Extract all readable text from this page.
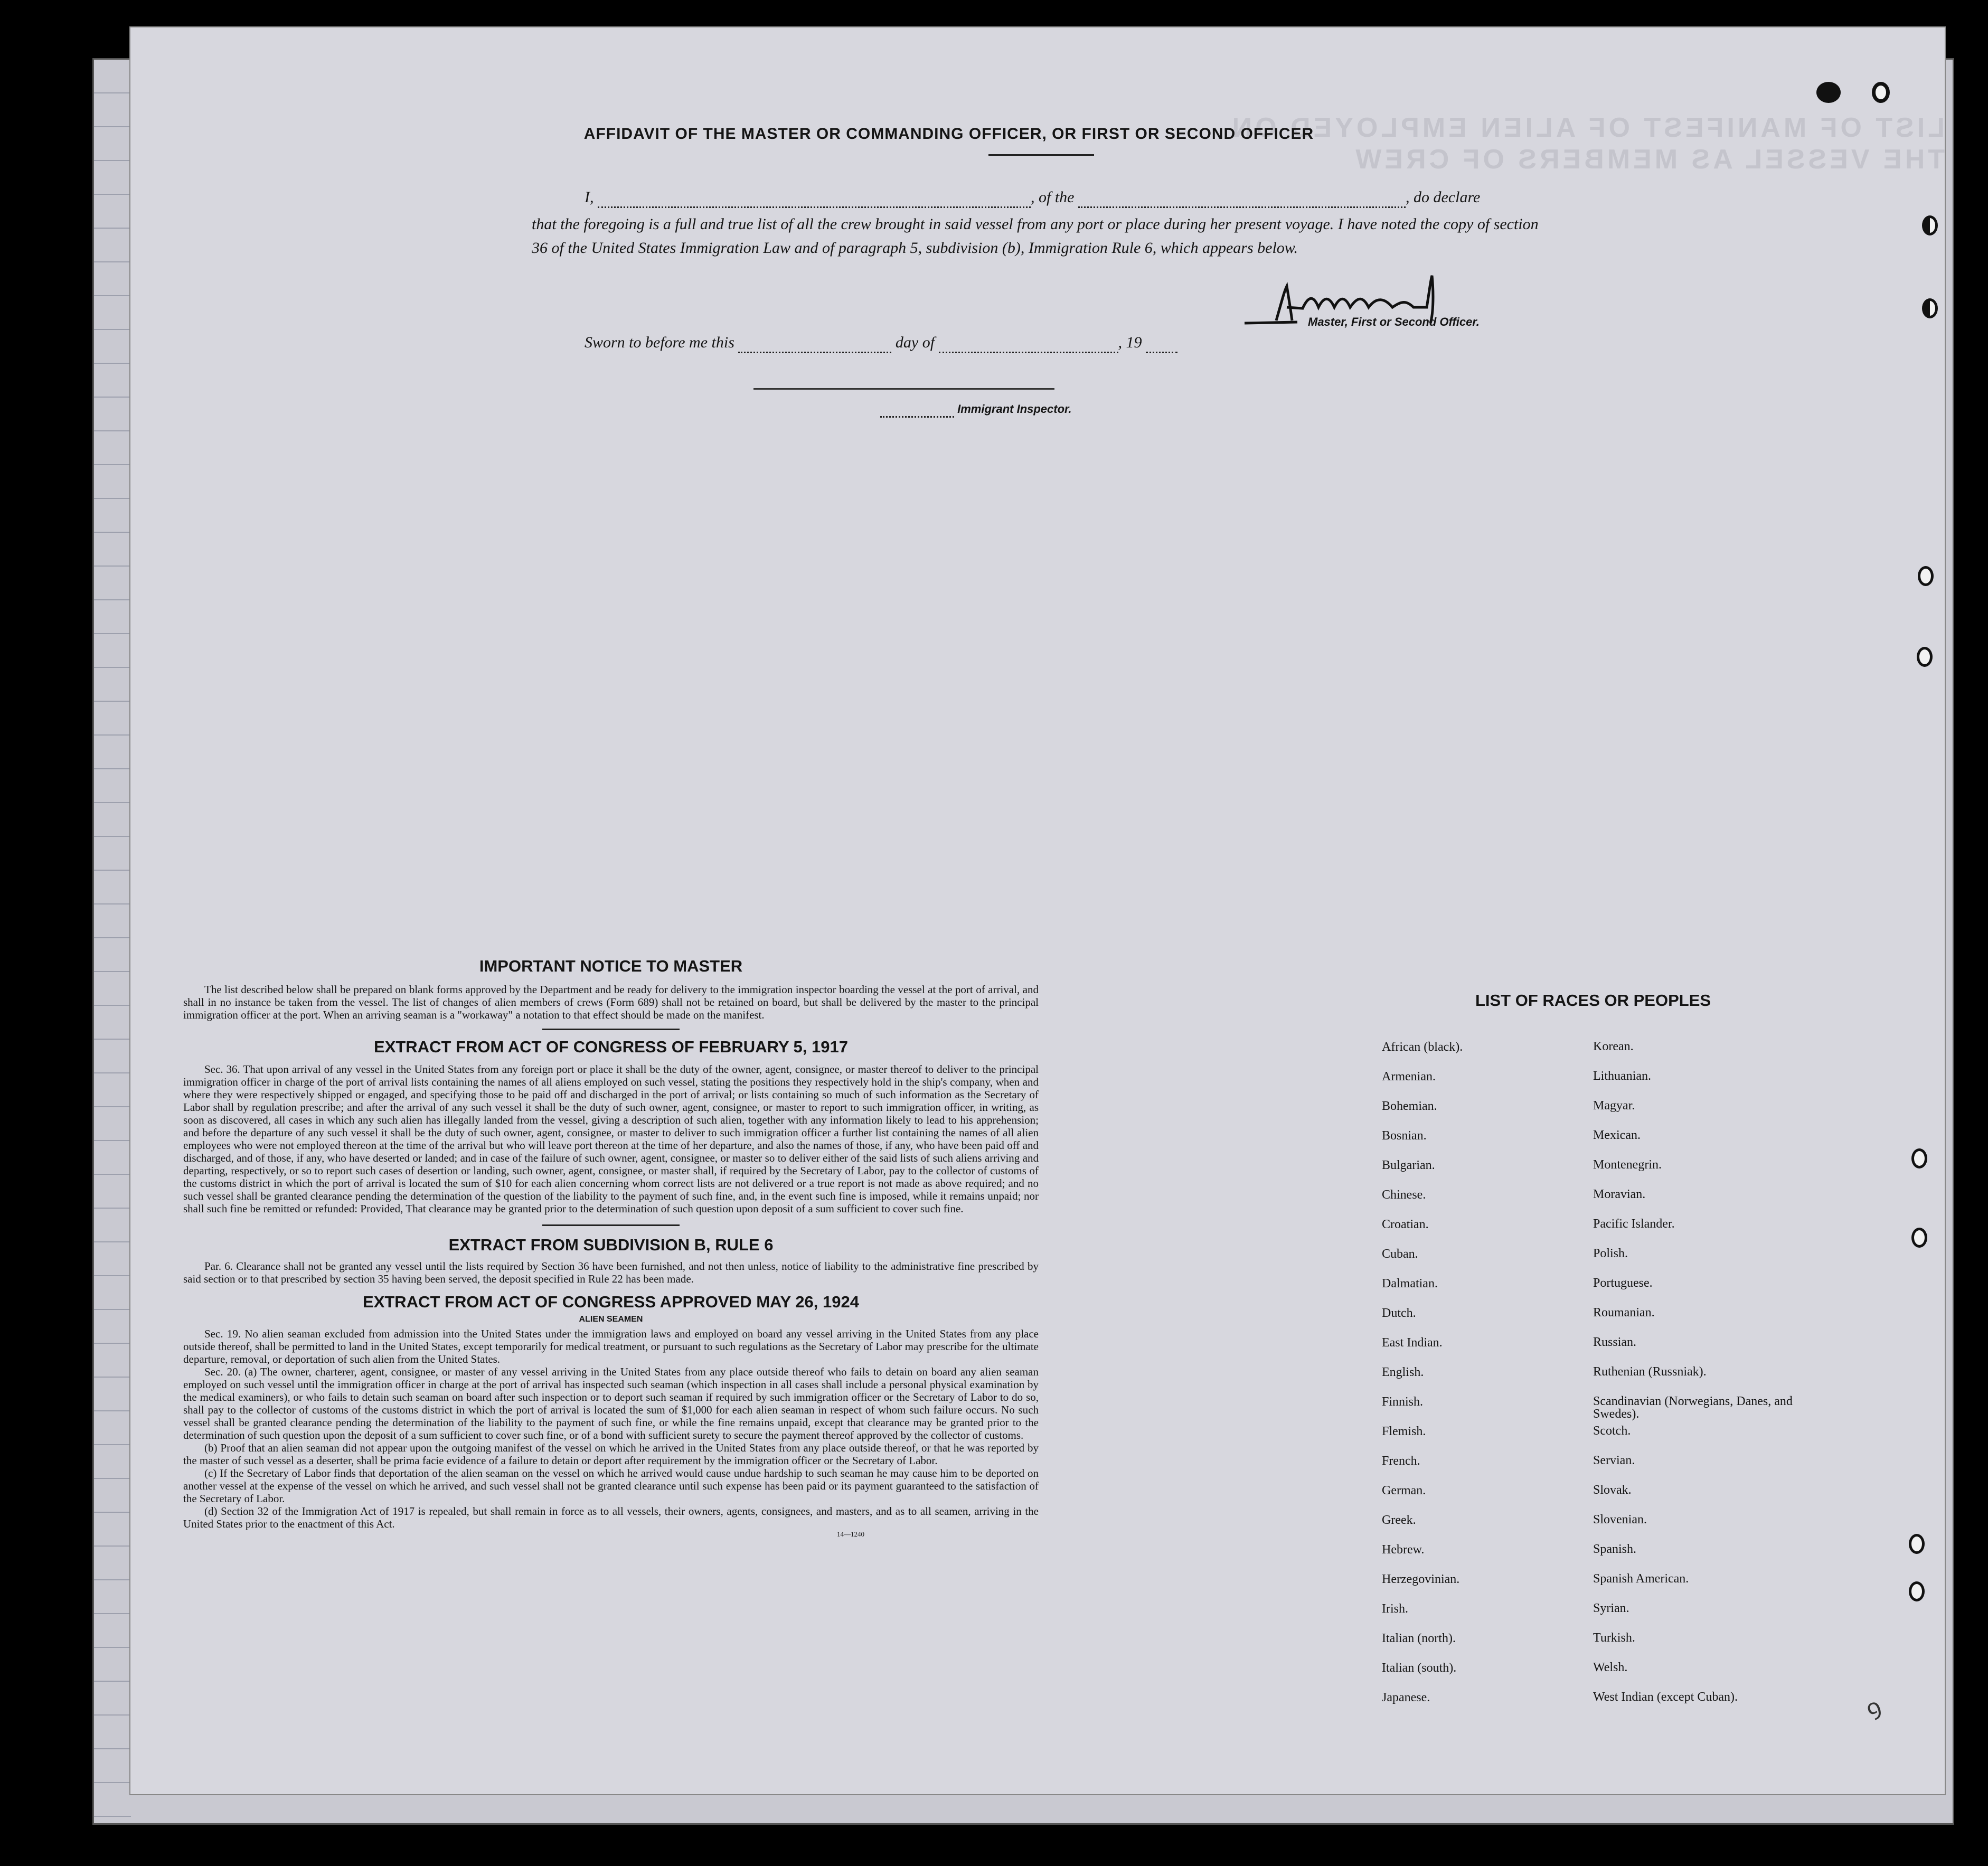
LIST OF MANIFEST OF ALIEN EMPLOYED ON THE VESSEL AS MEMBERS OF CREW
AFFIDAVIT OF THE MASTER OR COMMANDING OFFICER, OR FIRST OR SECOND OFFICER
I,	, of the	, do declare
that the foregoing is a full and true list of all the crew brought in said vessel from any port or place during her present voyage. I have noted the copy of section 36 of the United States Immigration Law and of paragraph 5, subdivision (b), Immigration Rule 6, which appears below.
Master, First or Second Officer.
Sworn to before me this	day of	, 19
Immigrant Inspector.
IMPORTANT NOTICE TO MASTER
The list described below shall be prepared on blank forms approved by the Department and be ready for delivery to the immigration inspector boarding the vessel at the port of arrival, and shall in no instance be taken from the vessel. The list of changes of alien members of crews (Form 689) shall not be retained on board, but shall be delivered by the master to the principal immigration officer at the port. When an arriving seaman is a "workaway" a notation to that effect should be made on the manifest.
EXTRACT FROM ACT OF CONGRESS OF FEBRUARY 5, 1917
Sec. 36. That upon arrival of any vessel in the United States from any foreign port or place it shall be the duty of the owner, agent, consignee, or master thereof to deliver to the principal immigration officer in charge of the port of arrival lists containing the names of all aliens employed on such vessel, stating the positions they respectively hold in the ship's company, when and where they were respectively shipped or engaged, and specifying those to be paid off and discharged in the port of arrival; or lists containing so much of such information as the Secretary of Labor shall by regulation prescribe; and after the arrival of any such vessel it shall be the duty of such owner, agent, consignee, or master to report to such immigration officer, in writing, as soon as discovered, all cases in which any such alien has illegally landed from the vessel, giving a description of such alien, together with any information likely to lead to his apprehension; and before the departure of any such vessel it shall be the duty of such owner, agent, consignee, or master to deliver to such immigration officer a further list containing the names of all alien employees who were not employed thereon at the time of the arrival but who will leave port thereon at the time of her departure, and also the names of those, if any, who have been paid off and discharged, and of those, if any, who have deserted or landed; and in case of the failure of such owner, agent, consignee, or master so to deliver either of the said lists of such aliens arriving and departing, respectively, or so to report such cases of desertion or landing, such owner, agent, consignee, or master shall, if required by the Secretary of Labor, pay to the collector of customs of the customs district in which the port of arrival is located the sum of $10 for each alien concerning whom correct lists are not delivered or a true report is not made as above required; and no such vessel shall be granted clearance pending the determination of the question of the liability to the payment of such fine, and, in the event such fine is imposed, while it remains unpaid; nor shall such fine be remitted or refunded: Provided, That clearance may be granted prior to the determination of such question upon deposit of a sum sufficient to cover such fine.
EXTRACT FROM SUBDIVISION B, RULE 6
Par. 6. Clearance shall not be granted any vessel until the lists required by Section 36 have been furnished, and not then unless, notice of liability to the administrative fine prescribed by said section or to that prescribed by section 35 having been served, the deposit specified in Rule 22 has been made.
EXTRACT FROM ACT OF CONGRESS APPROVED MAY 26, 1924
ALIEN SEAMEN
Sec. 19. No alien seaman excluded from admission into the United States under the immigration laws and employed on board any vessel arriving in the United States from any place outside thereof, shall be permitted to land in the United States, except temporarily for medical treatment, or pursuant to such regulations as the Secretary of Labor may prescribe for the ultimate departure, removal, or deportation of such alien from the United States.
Sec. 20. (a) The owner, charterer, agent, consignee, or master of any vessel arriving in the United States from any place outside thereof who fails to detain on board any alien seaman employed on such vessel until the immigration officer in charge at the port of arrival has inspected such seaman (which inspection in all cases shall include a personal physical examination by the medical examiners), or who fails to detain such seaman on board after such inspection or to deport such seaman if required by such immigration officer or the Secretary of Labor to do so, shall pay to the collector of customs of the customs district in which the port of arrival is located the sum of $1,000 for each alien seaman in respect of whom such failure occurs. No such vessel shall be granted clearance pending the determination of the liability to the payment of such fine, or while the fine remains unpaid, except that clearance may be granted prior to the determination of such question upon the deposit of a sum sufficient to cover such fine, or of a bond with sufficient surety to secure the payment thereof approved by the collector of customs.
(b) Proof that an alien seaman did not appear upon the outgoing manifest of the vessel on which he arrived in the United States from any place outside thereof, or that he was reported by the master of such vessel as a deserter, shall be prima facie evidence of a failure to detain or deport after requirement by the immigration officer or the Secretary of Labor.
(c) If the Secretary of Labor finds that deportation of the alien seaman on the vessel on which he arrived would cause undue hardship to such seaman he may cause him to be deported on another vessel at the expense of the vessel on which he arrived, and such vessel shall not be granted clearance until such expense has been paid or its payment guaranteed to the satisfaction of the Secretary of Labor.
(d) Section 32 of the Immigration Act of 1917 is repealed, but shall remain in force as to all vessels, their owners, agents, consignees, and masters, and as to all seamen, arriving in the United States prior to the enactment of this Act.
14—1240
LIST OF RACES OR PEOPLES
African (black).	Korean.
Armenian.	Lithuanian.
Bohemian.	Magyar.
Bosnian.	Mexican.
Bulgarian.	Montenegrin.
Chinese.	Moravian.
Croatian.	Pacific Islander.
Cuban.	Polish.
Dalmatian.	Portuguese.
Dutch.	Roumanian.
East Indian.	Russian.
English.	Ruthenian (Russniak).
Finnish.	Scandinavian (Norwegians, Danes, and Swedes).
Flemish.	Scotch.
French.	Servian.
German.	Slovak.
Greek.	Slovenian.
Hebrew.	Spanish.
Herzegovinian.	Spanish American.
Irish.	Syrian.
Italian (north).	Turkish.
Italian (south).	Welsh.
Japanese.	West Indian (except Cuban).	ꝰ
